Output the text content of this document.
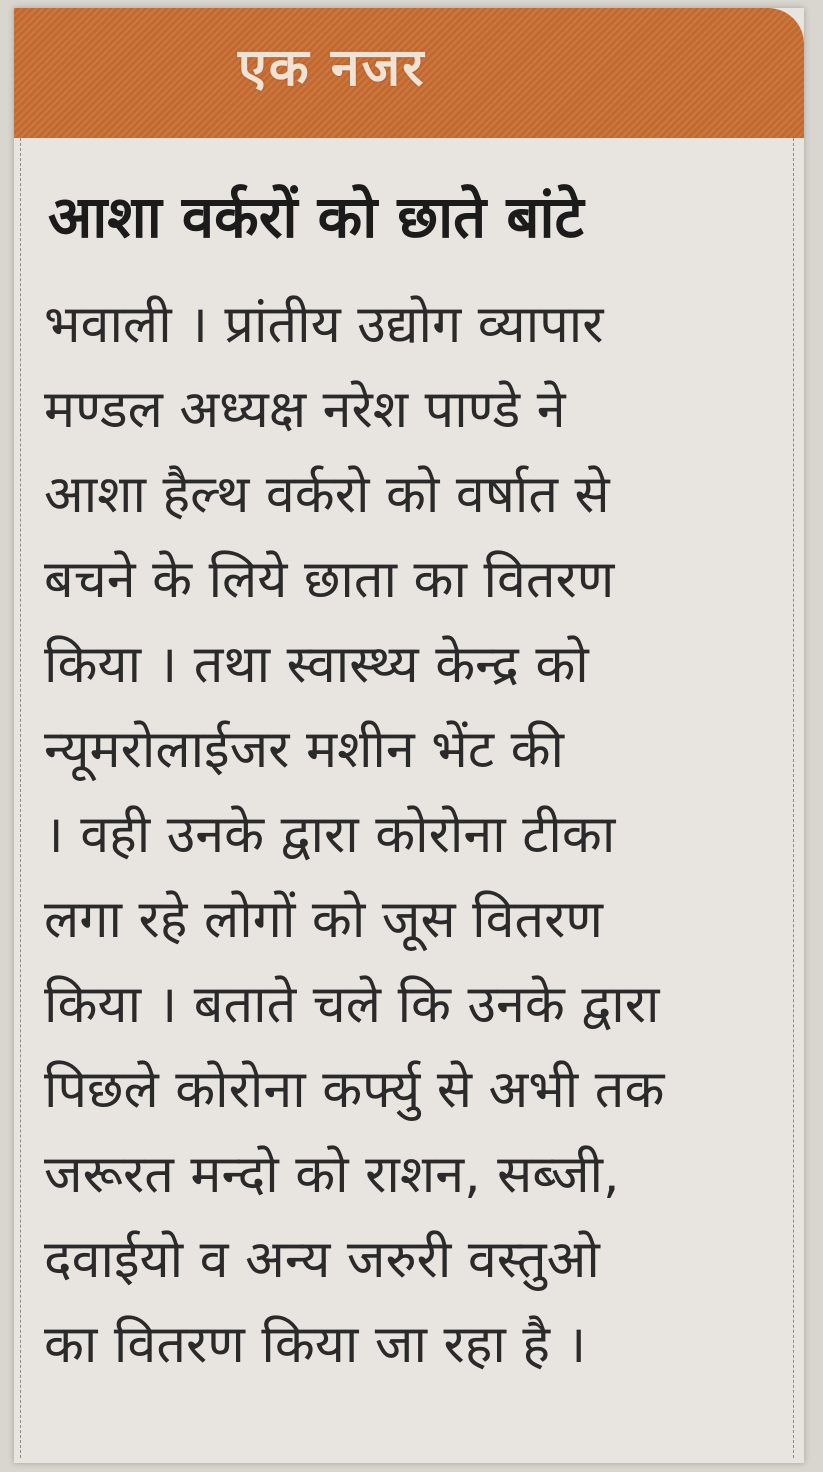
एक नजर
आशा वर्करों को छाते बांटे
भवाली । प्रांतीय उद्योग व्यापार
मण्डल अध्यक्ष नरेश पाण्डे ने
आशा हैल्थ वर्करो को वर्षात से
बचने के लिये छाता का वितरण
किया । तथा स्वास्थ्य केन्द्र को
न्यूमरोलाईजर मशीन भेंट की
। वही उनके द्वारा कोरोना टीका
लगा रहे लोगों को जूस वितरण
किया । बताते चले कि उनके द्वारा
पिछले कोरोना कर्फ्यु से अभी तक
जरूरत मन्दो को राशन, सब्जी,
दवाईयो व अन्य जरुरी वस्तुओ
का वितरण किया जा रहा है ।
